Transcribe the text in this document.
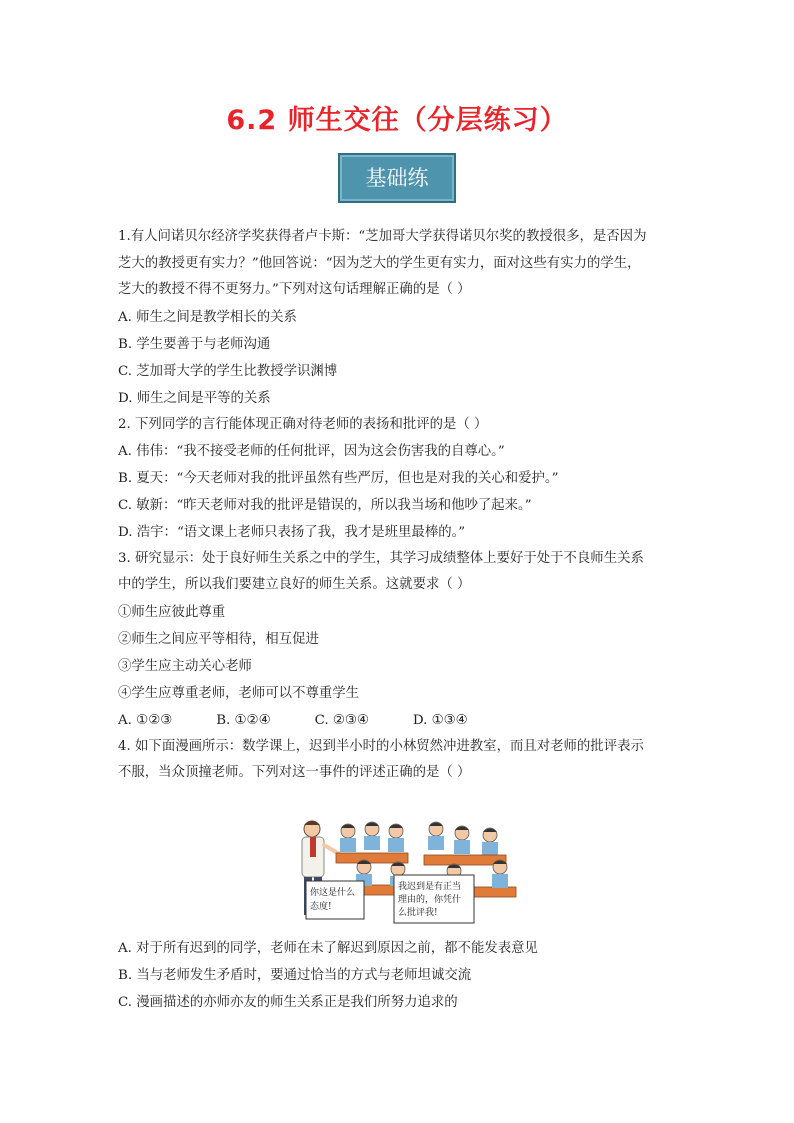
6.2 师生交往（分层练习）
基础练
1.有人问诺贝尔经济学奖获得者卢卡斯：“芝加哥大学获得诺贝尔奖的教授很多，是否因为
芝大的教授更有实力？”他回答说：“因为芝大的学生更有实力，面对这些有实力的学生，
芝大的教授不得不更努力。”下列对这句话理解正确的是（ ）
A. 师生之间是教学相长的关系
B. 学生要善于与老师沟通
C. 芝加哥大学的学生比教授学识渊博
D. 师生之间是平等的关系
2. 下列同学的言行能体现正确对待老师的表扬和批评的是（ ）
A. 伟伟：“我不接受老师的任何批评，因为这会伤害我的自尊心。”
B. 夏天：“今天老师对我的批评虽然有些严厉，但也是对我的关心和爱护。”
C. 敏新：“昨天老师对我的批评是错误的，所以我当场和他吵了起来。”
D. 浩宇：“语文课上老师只表扬了我，我才是班里最棒的。”
3. 研究显示：处于良好师生关系之中的学生，其学习成绩整体上要好于处于不良师生关系
中的学生，所以我们要建立良好的师生关系。这就要求（ ）
①师生应彼此尊重
②师生之间应平等相待，相互促进
③学生应主动关心老师
④学生应尊重老师，老师可以不尊重学生
A. ①②③	B. ①②④	C. ②③④	D. ①③④
4. 如下面漫画所示：数学课上，迟到半小时的小林贸然冲进教室，而且对老师的批评表示
不服，当众顶撞老师。下列对这一事件的评述正确的是（ ）
你这是什么
态度!
我迟到是有正当
理由的，你凭什
么批评我!
A. 对于所有迟到的同学，老师在未了解迟到原因之前，都不能发表意见
B. 当与老师发生矛盾时，要通过恰当的方式与老师坦诚交流
C. 漫画描述的亦师亦友的师生关系正是我们所努力追求的
